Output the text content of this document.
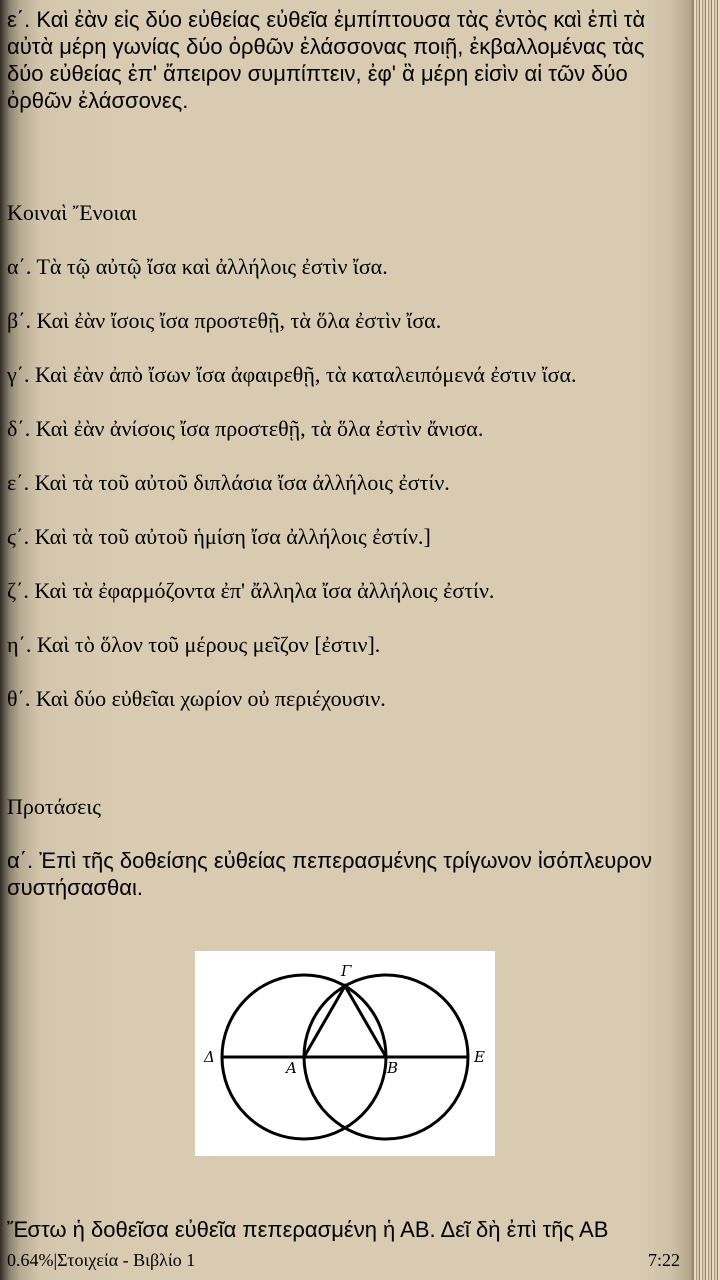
ε΄. Καὶ ἐὰν εἰς δύο εὐθείας εὐθεῖα ἐμπίπτουσα τὰς ἐντὸς καὶ ἐπὶ τὰ αὐτὰ μέρη γωνίας δύο ὀρθῶν ἐλάσσονας ποιῇ, ἐκβαλλομένας τὰς δύο εὐθείας ἐπ' ἄπειρον συμπίπτειν, ἐφ' ἃ μέρη εἰσὶν αἱ τῶν δύο ὀρθῶν ἐλάσσονες.

Κοιναὶ Ἔνοιαι

α΄. Τὰ τῷ αὐτῷ ἴσα καὶ ἀλλήλοις ἐστὶν ἴσα.

β΄. Καὶ ἐὰν ἴσοις ἴσα προστεθῇ, τὰ ὅλα ἐστὶν ἴσα.

γ΄. Καὶ ἐὰν ἀπὸ ἴσων ἴσα ἀφαιρεθῇ, τὰ καταλειπόμενά ἐστιν ἴσα.

δ΄. Καὶ ἐὰν ἀνίσοις ἴσα προστεθῇ, τὰ ὅλα ἐστὶν ἄνισα.

ε΄. Καὶ τὰ τοῦ αὐτοῦ διπλάσια ἴσα ἀλλήλοις ἐστίν.

ϛ΄. Καὶ τὰ τοῦ αὐτοῦ ἡμίση ἴσα ἀλλήλοις ἐστίν.]

ζ΄. Καὶ τὰ ἐφαρμόζοντα ἐπ' ἄλληλα ἴσα ἀλλήλοις ἐστίν.

η΄. Καὶ τὸ ὅλον τοῦ μέρους μεῖζον [ἐστιν].

θ΄. Καὶ δύο εὐθεῖαι χωρίον οὐ περιέχουσιν.

Προτάσεις

α΄. Ἐπὶ τῆς δοθείσης εὐθείας πεπερασμένης τρίγωνον ἰσόπλευρον συστήσασθαι.

Ἔστω ἡ δοθεῖσα εὐθεῖα πεπερασμένη ἡ ΑΒ. Δεῖ δὴ ἐπὶ τῆς ΑΒ

Γ
Δ
Α	Β
Ε
0.64%|Στοιχεία - Βιβλίο 1	7:22
